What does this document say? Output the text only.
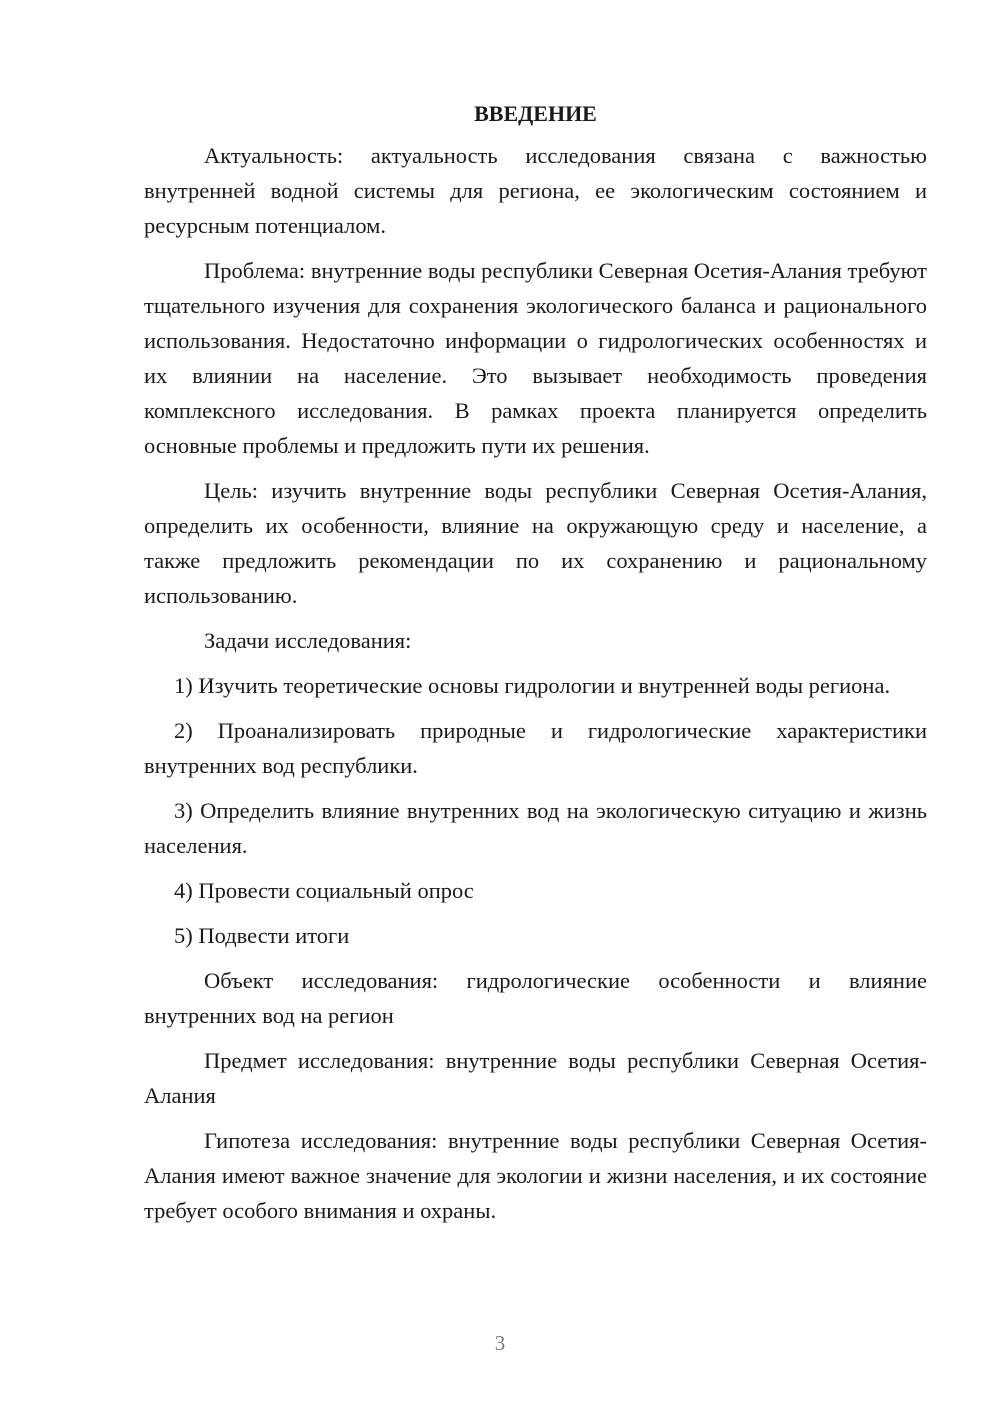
ВВЕДЕНИЕ

Актуальность: актуальность исследования связана с важностью внутренней водной системы для региона, ее экологическим состоянием и ресурсным потенциалом.

Проблема: внутренние воды республики Северная Осетия-Алания требуют тщательного изучения для сохранения экологического баланса и рационального использования. Недостаточно информации о гидрологических особенностях и их влиянии на население. Это вызывает необходимость проведения комплексного исследования. В рамках проекта планируется определить основные проблемы и предложить пути их решения.

Цель: изучить внутренние воды республики Северная Осетия-Алания, определить их особенности, влияние на окружающую среду и население, а также предложить рекомендации по их сохранению и рациональному использованию.

Задачи исследования:

1) Изучить теоретические основы гидрологии и внутренней воды региона.

2) Проанализировать природные и гидрологические характеристики внутренних вод республики.

3) Определить влияние внутренних вод на экологическую ситуацию и жизнь населения.

4) Провести социальный опрос

5) Подвести итоги

Объект исследования: гидрологические особенности и влияние внутренних вод на регион

Предмет исследования: внутренние воды республики Северная Осетия-Алания

Гипотеза исследования: внутренние воды республики Северная Осетия-Алания имеют важное значение для экологии и жизни населения, и их состояние требует особого внимания и охраны.

3
